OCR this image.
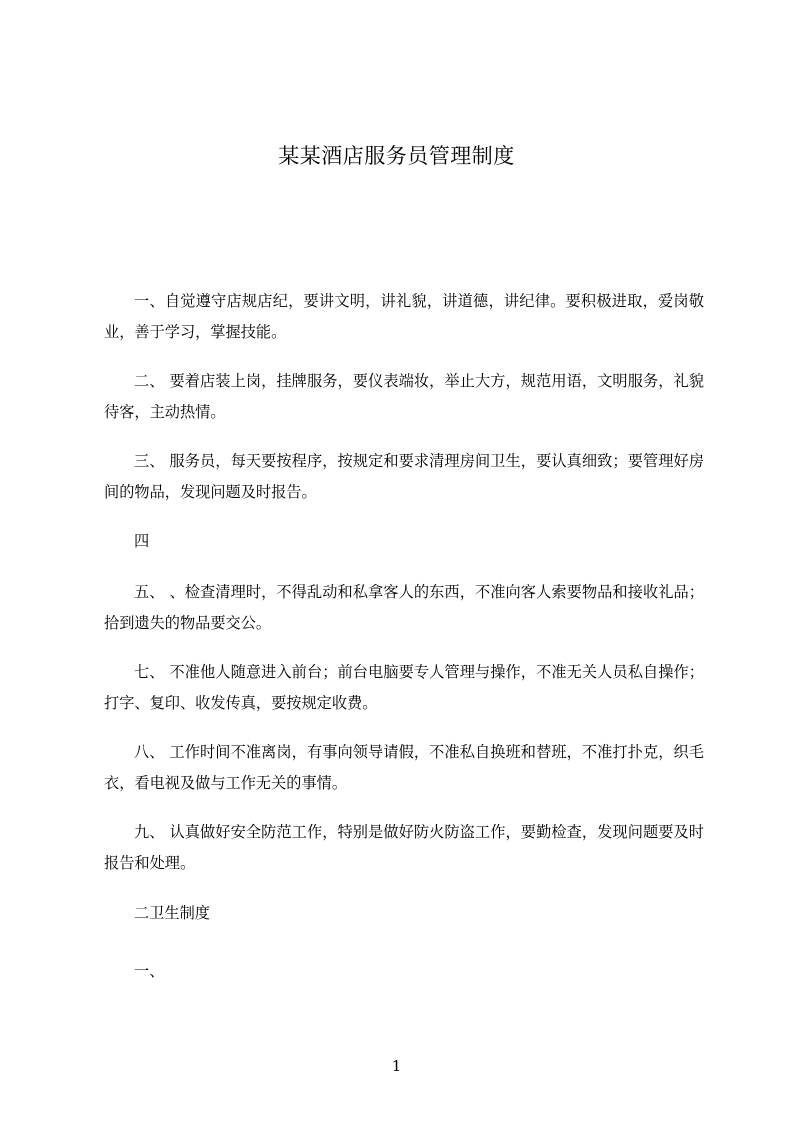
某某酒店服务员管理制度
一、自觉遵守店规店纪，要讲文明，讲礼貌，讲道德，讲纪律。要积极进取，爱岗敬业，善于学习，掌握技能。
二、 要着店装上岗，挂牌服务，要仪表端妆，举止大方，规范用语，文明服务，礼貌待客，主动热情。
三、 服务员，每天要按程序，按规定和要求清理房间卫生，要认真细致；要管理好房间的物品，发现问题及时报告。
四
五、 、检查清理时，不得乱动和私拿客人的东西，不准向客人索要物品和接收礼品；拾到遗失的物品要交公。
七、 不准他人随意进入前台；前台电脑要专人管理与操作，不准无关人员私自操作；打字、复印、收发传真，要按规定收费。
八、 工作时间不准离岗，有事向领导请假，不准私自换班和替班，不准打扑克，织毛衣，看电视及做与工作无关的事情。
九、 认真做好安全防范工作，特别是做好防火防盗工作，要勤检查，发现问题要及时报告和处理。
二卫生制度
一、
1
